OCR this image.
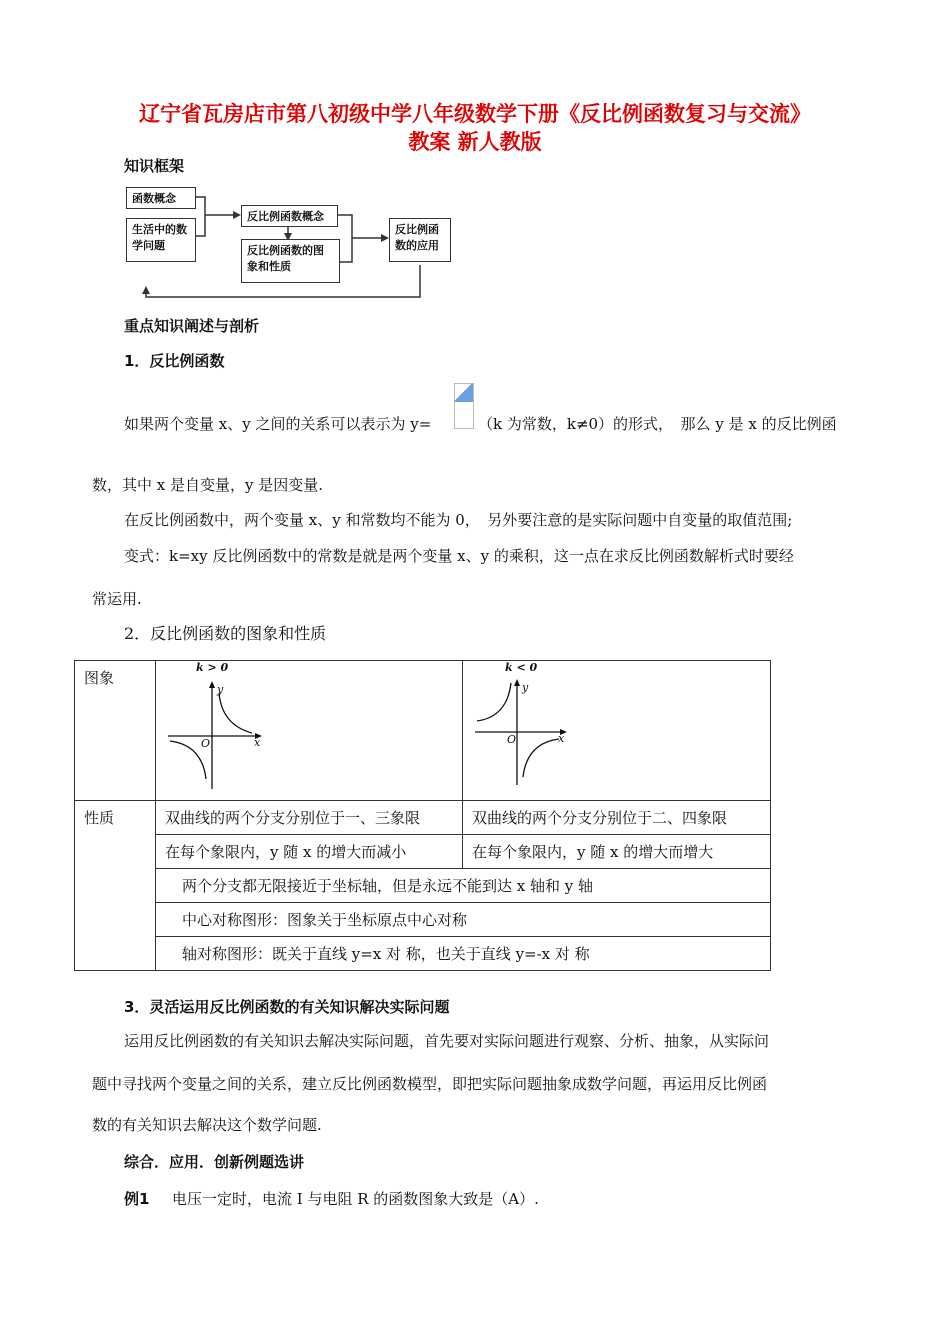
辽宁省瓦房店市第八初级中学八年级数学下册《反比例函数复习与交流》
教案 新人教版
知识框架
函数概念
生活中的数学问题
反比例函数概念
反比例函数的图象和性质
反比例函数的应用
重点知识阐述与剖析
1．反比例函数
如果两个变量 x、y 之间的关系可以表示为 y=	（k 为常数，k≠0）的形式，　那么 y 是 x 的反比例函
数，其中 x 是自变量，y 是因变量.
在反比例函数中，两个变量 x、y 和常数均不能为 0，　另外要注意的是实际问题中自变量的取值范围;
变式：k=xy 反比例函数中的常数是就是两个变量 x、y 的乘积，这一点在求反比例函数解析式时要经
常运用.
2．反比例函数的图象和性质
图象	k > 0
y
x
O	k < 0
y
x
O

性质	双曲线的两个分支分别位于一、三象限	双曲线的两个分支分别位于二、四象限
	在每个象限内，y 随 x 的增大而减小	在每个象限内，y 随 x 的增大而增大
	两个分支都无限接近于坐标轴，但是永远不能到达 x 轴和 y 轴	
	中心对称图形：图象关于坐标原点中心对称	
	轴对称图形：既关于直线 y=x 对 称，也关于直线 y=-x 对 称	
3．灵活运用反比例函数的有关知识解决实际问题
运用反比例函数的有关知识去解决实际问题，首先要对实际问题进行观察、分析、抽象，从实际问
题中寻找两个变量之间的关系，建立反比例函数模型，即把实际问题抽象成数学问题，再运用反比例函
数的有关知识去解决这个数学问题.
综合．应用．创新例题选讲
例1 电压一定时，电流 I 与电阻 R 的函数图象大致是（A）.
